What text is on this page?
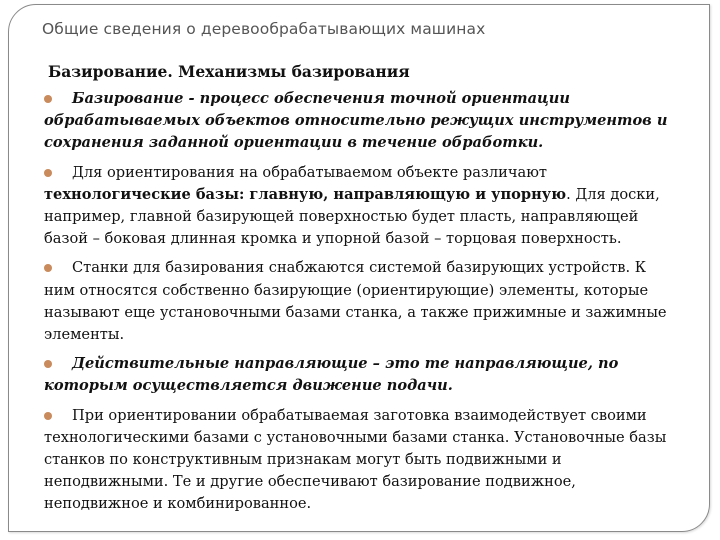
Общие сведения о деревообрабатывающих машинах
Базирование. Механизмы базирования

Базирование - процесс обеспечения точной ориентации обрабатываемых объектов относительно режущих инструментов и сохранения заданной ориентации в течение обработки.

Для ориентирования на обрабатываемом объекте различают технологические базы: главную, направляющую и упорную. Для доски, например, главной базирующей поверхностью будет пласть, направляющей базой – боковая длинная кромка и упорной базой – торцовая поверхность.

Станки для базирования снабжаются системой базирующих устройств. К ним относятся собственно базирующие (ориентирующие) элементы, которые называют еще установочными базами станка, а также прижимные и зажимные элементы.

Действительные направляющие – это те направляющие, по которым осуществляется движение подачи.

При ориентировании обрабатываемая заготовка взаимодействует своими технологическими базами с установочными базами станка. Установочные базы станков по конструктивным признакам могут быть подвижными и неподвижными. Те и другие обеспечивают базирование подвижное, неподвижное и комбинированное.
